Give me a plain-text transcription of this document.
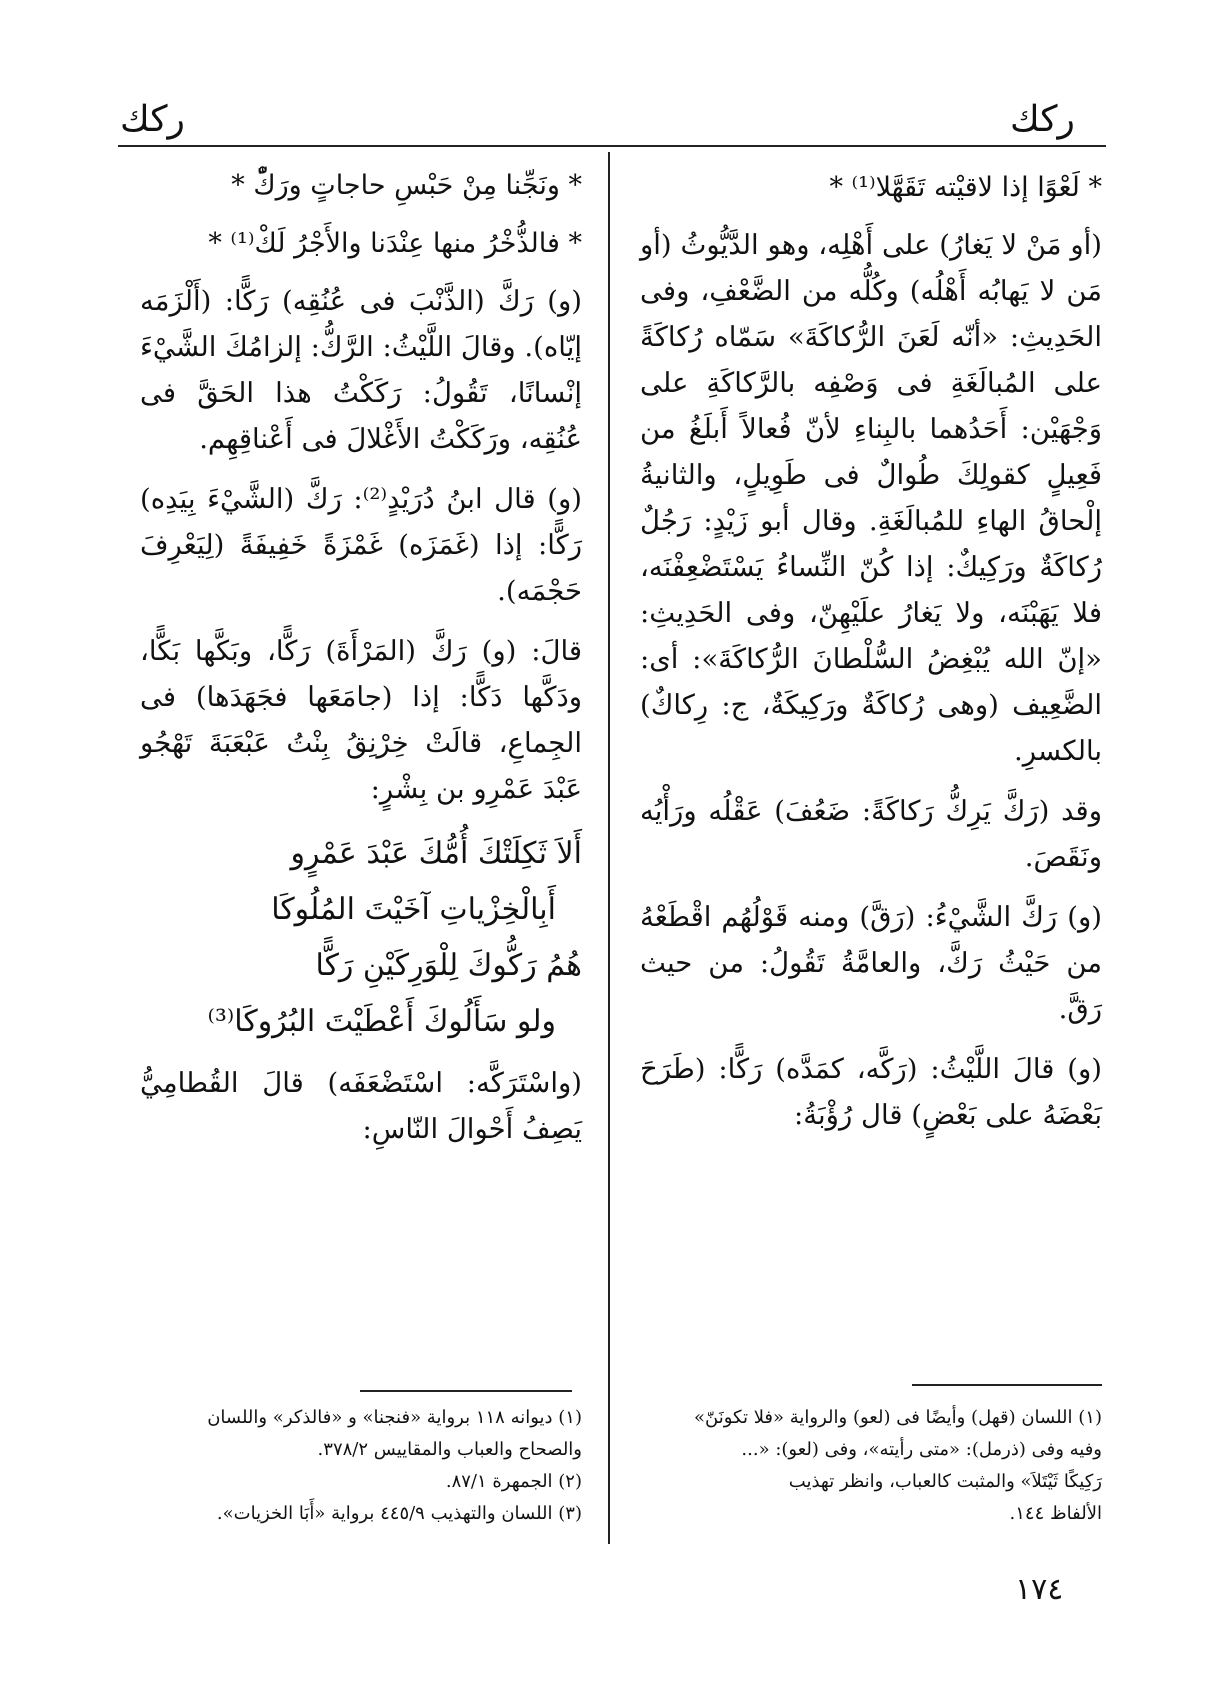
ركك
ركك
* لَعْوًا إذا لاقيْته تَقَهَّلا⁽¹⁾ *

(أو مَنْ لا يَغارُ) على أَهْلِه، وهو الدَّيُّوثُ (أو مَن لا يَهابُه أَهْلُه) وكُلُّه من الضَّعْفِ، وفى الحَدِيثِ: «أنّه لَعَنَ الرُّكاكَةَ» سَمّاه رُكاكَةً على المُبالَغَةِ فى وَصْفِه بالرَّكاكَةِ على وَجْهَيْن: أَحَدُهما بالبِناءِ لأنّ فُعالاً أَبلَغُ من فَعِيلٍ كقولِكَ طُوالٌ فى طَوِيلٍ، والثانيةُ إلْحاقُ الهاءِ للمُبالَغَةِ. وقال أبو زَيْدٍ: رَجُلٌ رُكاكَةٌ ورَكِيكٌ: إذا كُنّ النِّساءُ يَسْتَضْعِفْنَه، فلا يَهَبْنَه، ولا يَغارُ علَيْهِنّ، وفى الحَدِيثِ: «إنّ الله يُبْغِضُ السُّلْطانَ الرُّكاكَةَ»: أى: الضَّعِيف (وهى رُكاكَةٌ ورَكِيكَةٌ، ج: رِكاكٌ) بالكسرِ.

وقد (رَكَّ يَرِكُّ رَكاكَةً: ضَعُفَ) عَقْلُه ورَأْيُه ونَقَصَ.

(و) رَكَّ الشَّيْءُ: (رَقَّ) ومنه قَوْلُهُم اقْطَعْهُ من حَيْثُ رَكَّ، والعامَّةُ تَقُولُ: من حيث رَقَّ.

(و) قالَ اللَّيْثُ: (رَكَّه، كمَدَّه) رَكًّا: (طَرَحَ بَعْضَهُ على بَعْضٍ) قال رُؤْبَةُ:

* ونَجِّنا مِنْ حَبْسِ حاجاتٍ ورَكّْ *
* فالذُّخْرُ منها عِنْدَنا والأَجْرُ لَكْ⁽¹⁾ *

(و) رَكَّ (الذَّنْبَ فى عُنُقِه) رَكًّا: (أَلْزَمَه إيّاه). وقالَ اللَّيْثُ: الرَّكُّ: إلزامُكَ الشَّيْءَ إنْسانًا، تَقُولُ: رَكَكْتُ هذا الحَقَّ فى عُنُقِه، ورَكَكْتُ الأَغْلالَ فى أَعْناقِهِم.

(و) قال ابنُ دُرَيْدٍ⁽²⁾: رَكَّ (الشَّيْءَ بِيَدِه) رَكًّا: إذا (غَمَزَه) غَمْزَةً خَفِيفَةً (لِيَعْرِفَ حَجْمَه).

قالَ: (و) رَكَّ (المَرْأَةَ) رَكًّا، وبَكَّها بَكًّا، ودَكَّها دَكًّا: إذا (جامَعَها فجَهَدَها) فى الجِماعِ، قالَتْ خِرْنِقُ بِنْتُ عَبْعَبَةَ تَهْجُو عَبْدَ عَمْرِو بن بِشْرٍ:

أَلاَ ثَكِلَتْكَ أُمُّكَ عَبْدَ عَمْرٍو
أَبِالْخِزْياتِ آخَيْتَ المُلُوكَا
هُمُ رَكُّوكَ لِلْوَرِكَيْنِ رَكًّا
ولو سَأَلُوكَ أَعْطَيْتَ البُرُوكَا⁽³⁾

(واسْتَرَكَّه: اسْتَضْعَفَه) قالَ القُطامِيُّ يَصِفُ أَحْوالَ النّاسِ:

(١) اللسان (قهل) وأيضًا فى (لعو) والرواية «فلا تكونَنّ»
وفيه وفى (ذرمل): «متى رأيته»، وفى (لعو): «...
رَكِيكًا ثَيْتَلاَ» والمثبت كالعباب، وانظر تهذيب
الألفاظ ١٤٤.
(١) ديوانه ١١٨ برواية «فنجنا» و «فالذكر» واللسان
والصحاح والعباب والمقاييس ٣٧٨/٢.
(٢) الجمهرة ٨٧/١.
(٣) اللسان والتهذيب ٤٤٥/٩ برواية «أَبَا الخزيات».
١٧٤
